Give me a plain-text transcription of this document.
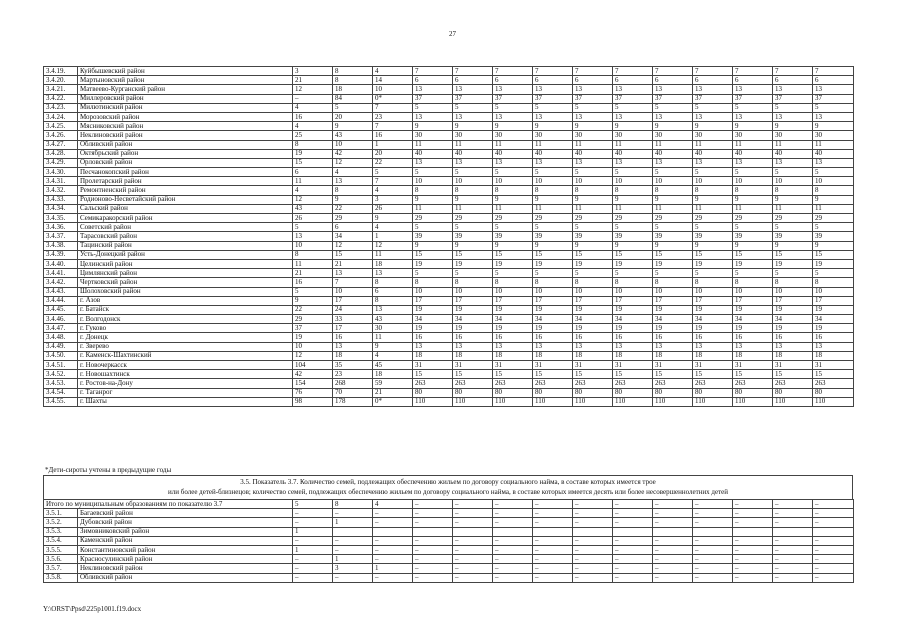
27
3.4.19.	Куйбышевский район	3	8	4	7	7	7	7	7	7	7	7	7	7	7
3.4.20.	Мартыновский район	21	8	14	6	6	6	6	6	6	6	6	6	6	6
3.4.21.	Матвеево-Курганский район	12	18	10	13	13	13	13	13	13	13	13	13	13	13
3.4.22.	Миллеровский район	–	84	0*	37	37	37	37	37	37	37	37	37	37	37
3.4.23.	Милютинский район	4	5	7	5	5	5	5	5	5	5	5	5	5	5
3.4.24.	Морозовский район	16	20	23	13	13	13	13	13	13	13	13	13	13	13
3.4.25.	Мясниковский район	4	9	7	9	9	9	9	9	9	9	9	9	9	9
3.4.26.	Неклиновский район	25	43	16	30	30	30	30	30	30	30	30	30	30	30
3.4.27.	Обливский район	8	10	1	11	11	11	11	11	11	11	11	11	11	11
3.4.28.	Октябрьский район	19	42	20	40	40	40	40	40	40	40	40	40	40	40
3.4.29.	Орловский район	15	12	22	13	13	13	13	13	13	13	13	13	13	13
3.4.30.	Песчанокопский район	6	4	5	5	5	5	5	5	5	5	5	5	5	5
3.4.31.	Пролетарский район	11	13	7	10	10	10	10	10	10	10	10	10	10	10
3.4.32.	Ремонтненский район	4	8	4	8	8	8	8	8	8	8	8	8	8	8
3.4.33.	Родионово-Несветайский район	12	9	3	9	9	9	9	9	9	9	9	9	9	9
3.4.34.	Сальский район	43	22	26	11	11	11	11	11	11	11	11	11	11	11
3.4.35.	Семикаракорский район	26	29	9	29	29	29	29	29	29	29	29	29	29	29
3.4.36.	Советский район	5	6	4	5	5	5	5	5	5	5	5	5	5	5
3.4.37.	Тарасовский район	13	34	1	39	39	39	39	39	39	39	39	39	39	39
3.4.38.	Тацинский район	10	12	12	9	9	9	9	9	9	9	9	9	9	9
3.4.39.	Усть-Донецкий район	8	15	11	15	15	15	15	15	15	15	15	15	15	15
3.4.40.	Целинский район	11	21	18	19	19	19	19	19	19	19	19	19	19	19
3.4.41.	Цимлянский район	21	13	13	5	5	5	5	5	5	5	5	5	5	5
3.4.42.	Чертковский район	16	7	8	8	8	8	8	8	8	8	8	8	8	8
3.4.43.	Шолоховский район	5	10	6	10	10	10	10	10	10	10	10	10	10	10
3.4.44.	г. Азов	9	17	8	17	17	17	17	17	17	17	17	17	17	17
3.4.45.	г. Батайск	22	24	13	19	19	19	19	19	19	19	19	19	19	19
3.4.46.	г. Волгодонск	29	33	43	34	34	34	34	34	34	34	34	34	34	34
3.4.47.	г. Гуково	37	17	30	19	19	19	19	19	19	19	19	19	19	19
3.4.48.	г. Донецк	19	16	11	16	16	16	16	16	16	16	16	16	16	16
3.4.49.	г. Зверево	10	13	9	13	13	13	13	13	13	13	13	13	13	13
3.4.50.	г. Каменск-Шахтинский	12	18	4	18	18	18	18	18	18	18	18	18	18	18
3.4.51.	г. Новочеркасск	104	35	45	31	31	31	31	31	31	31	31	31	31	31
3.4.52.	г. Новошахтинск	42	23	18	15	15	15	15	15	15	15	15	15	15	15
3.4.53.	г. Ростов-на-Дону	154	268	59	263	263	263	263	263	263	263	263	263	263	263
3.4.54.	г. Таганрог	76	70	21	80	80	80	80	80	80	80	80	80	80	80
3.4.55.	г. Шахты	98	178	0*	110	110	110	110	110	110	110	110	110	110	110
*Дети-сироты учтены в предыдущие годы
3.5. Показатель 3.7. Количество семей, подлежащих обеспечению жильем по договору социального найма, в составе которых имеется трое
или более детей-близнецов; количество семей, подлежащих обеспечению жильем по договору социального найма, в составе которых имеется десять или более несовершеннолетних детей
Итого по муниципальным образованиям по показателю 3.7		5	8	4	–	–	–	–	–	–	–	–	–	–	–
3.5.1.	Багаевский район	–	–	–	–	–	–	–	–	–	–	–	–	–	–
3.5.2.	Дубовский район	–	1	–	–	–	–	–	–	–	–	–	–	–	–
3.5.3.	Зимовниковский район	1													
3.5.4.	Каменский район	–	–	–	–	–	–	–	–	–	–	–	–	–	–
3.5.5.	Константиновский район	1	–	–	–	–	–	–	–	–	–	–	–	–	–
3.5.6.	Красносулинский район	–	1	–	–	–	–	–	–	–	–	–	–	–	–
3.5.7.	Неклиновский район	–	3	1	–	–	–	–	–	–	–	–	–	–	–
3.5.8.	Обливский район	–	–	–	–	–	–	–	–	–	–	–	–	–	–
Y:\ORST\Ppsd\225p1001.f19.docx
